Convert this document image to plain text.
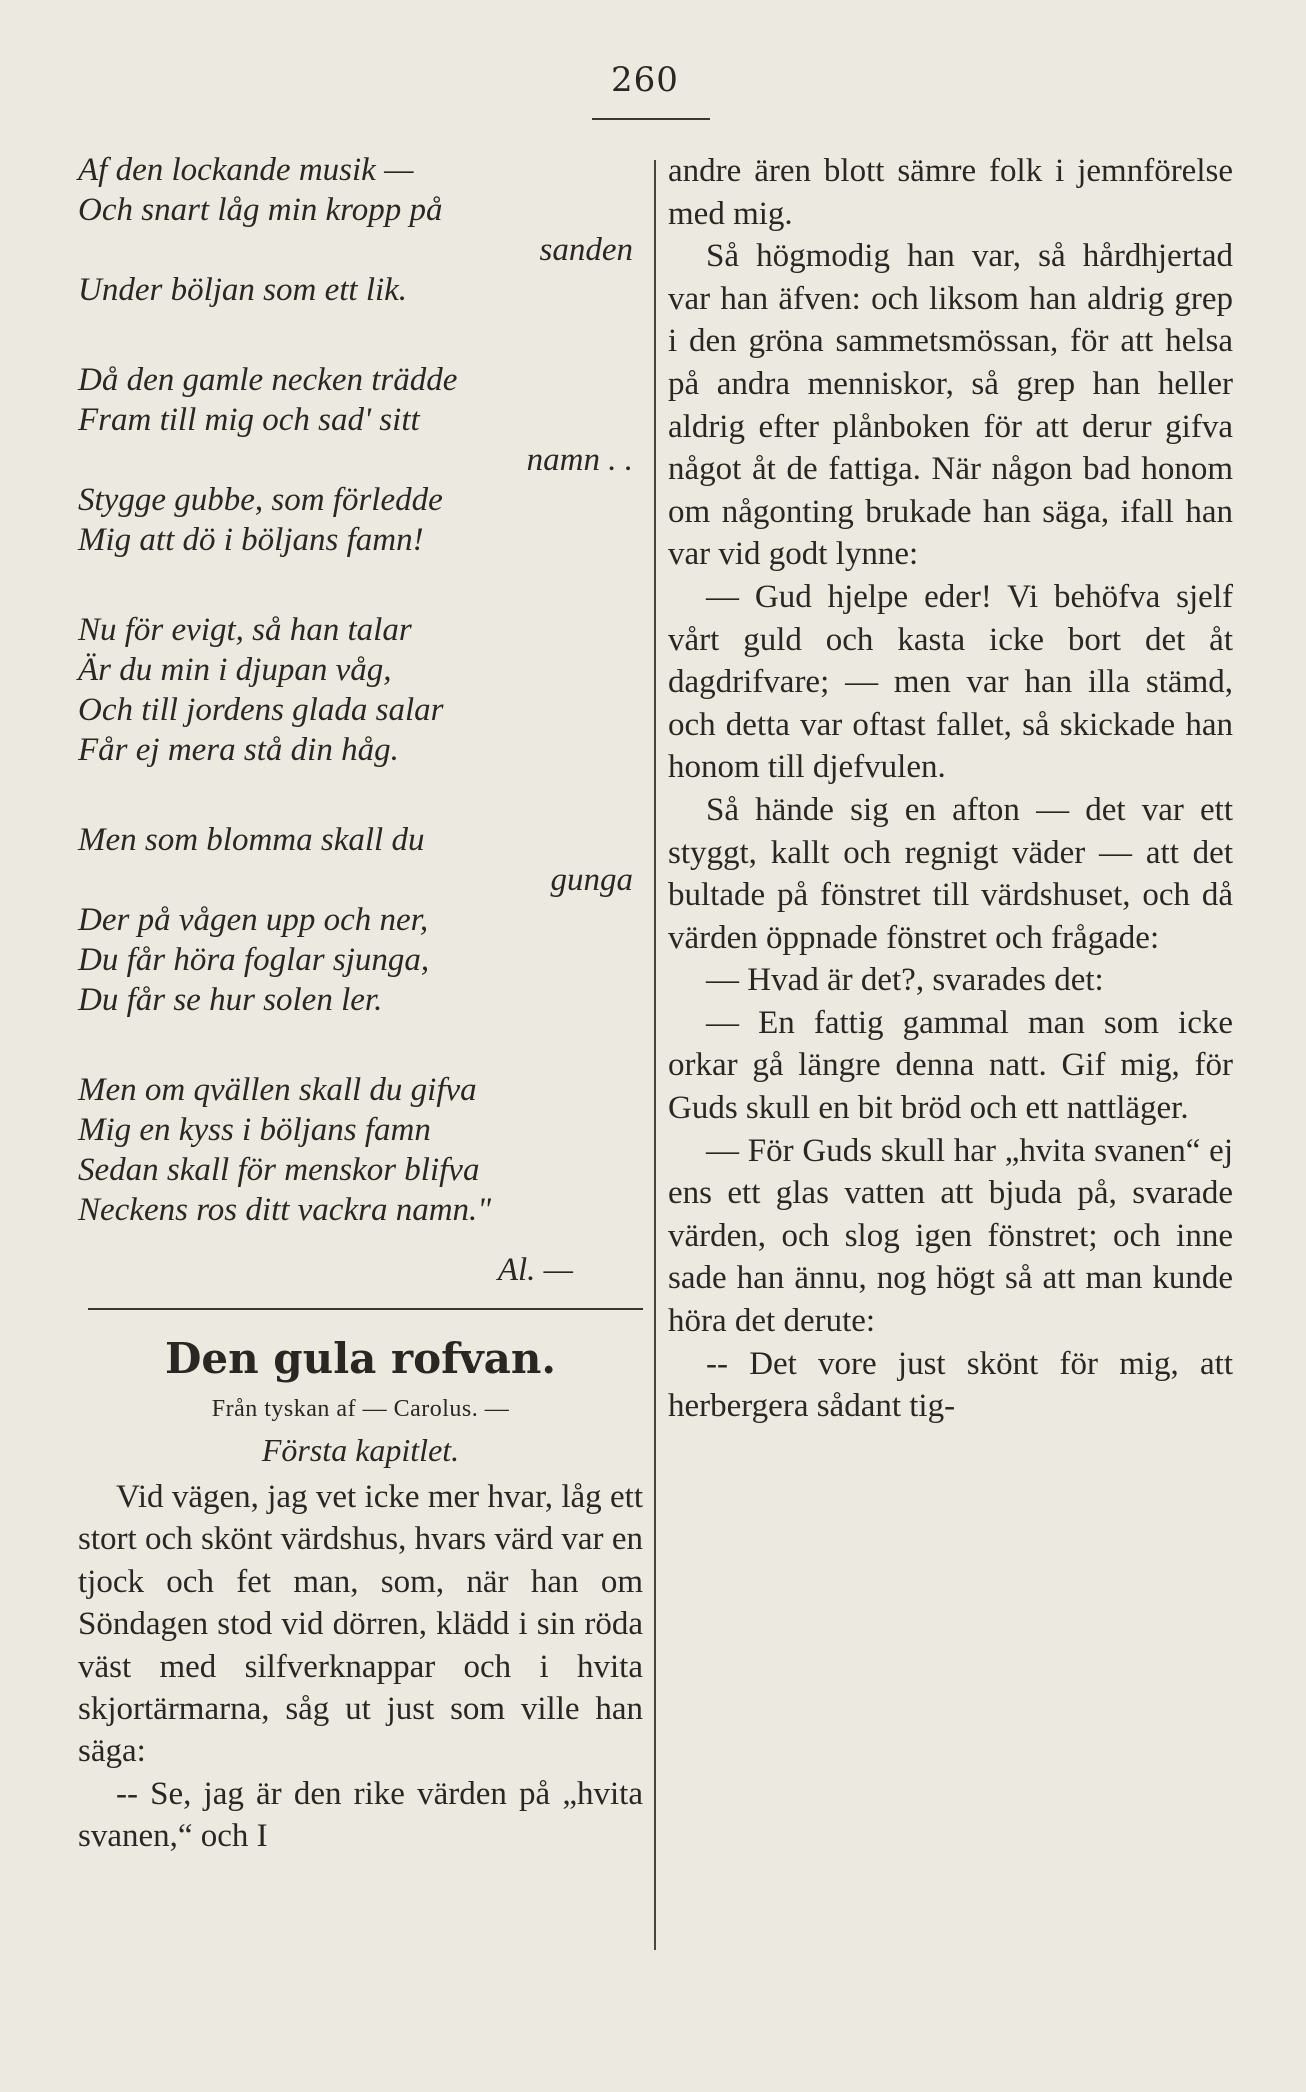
260

Af den lockande musik —

Och snart låg min kropp på

sanden

Under böljan som ett lik.

Då den gamle necken trädde

Fram till mig och sad' sitt

namn . .

Stygge gubbe, som förledde

Mig att dö i böljans famn!

Nu för evigt, så han talar

Är du min i djupan våg,

Och till jordens glada salar

Får ej mera stå din håg.

Men som blomma skall du

gunga

Der på vågen upp och ner,

Du får höra foglar sjunga,

Du får se hur solen ler.

Men om qvällen skall du gifva

Mig en kyss i böljans famn

Sedan skall för menskor blifva

Neckens ros ditt vackra namn."

Al. —

Den gula rofvan.

Från tyskan af — Carolus. —

Första kapitlet.

Vid vägen, jag vet icke mer hvar, låg ett stort och skönt värdshus, hvars värd var en tjock och fet man, som, när han om Söndagen stod vid dörren, klädd i sin röda väst med silfverknappar och i hvita skjortärmarna, såg ut just som ville han säga:

-- Se, jag är den rike värden på „hvita svanen,“ och I

andre ären blott sämre folk i jemnförelse med mig.

Så högmodig han var, så hårdhjertad var han äfven: och liksom han aldrig grep i den gröna sammetsmössan, för att helsa på andra menniskor, så grep han heller aldrig efter plånboken för att derur gifva något åt de fattiga. När någon bad honom om någonting brukade han säga, ifall han var vid godt lynne:

— Gud hjelpe eder! Vi behöfva sjelf vårt guld och kasta icke bort det åt dagdrifvare; — men var han illa stämd, och detta var oftast fallet, så skickade han honom till djefvulen.

Så hände sig en afton — det var ett styggt, kallt och regnigt väder — att det bultade på fönstret till värdshuset, och då värden öppnade fönstret och frågade:

— Hvad är det?, svarades det:

— En fattig gammal man som icke orkar gå längre denna natt. Gif mig, för Guds skull en bit bröd och ett nattläger.

— För Guds skull har „hvita svanen“ ej ens ett glas vatten att bjuda på, svarade värden, och slog igen fönstret; och inne sade han ännu, nog högt så att man kunde höra det derute:

-- Det vore just skönt för mig, att herbergera sådant tig-
